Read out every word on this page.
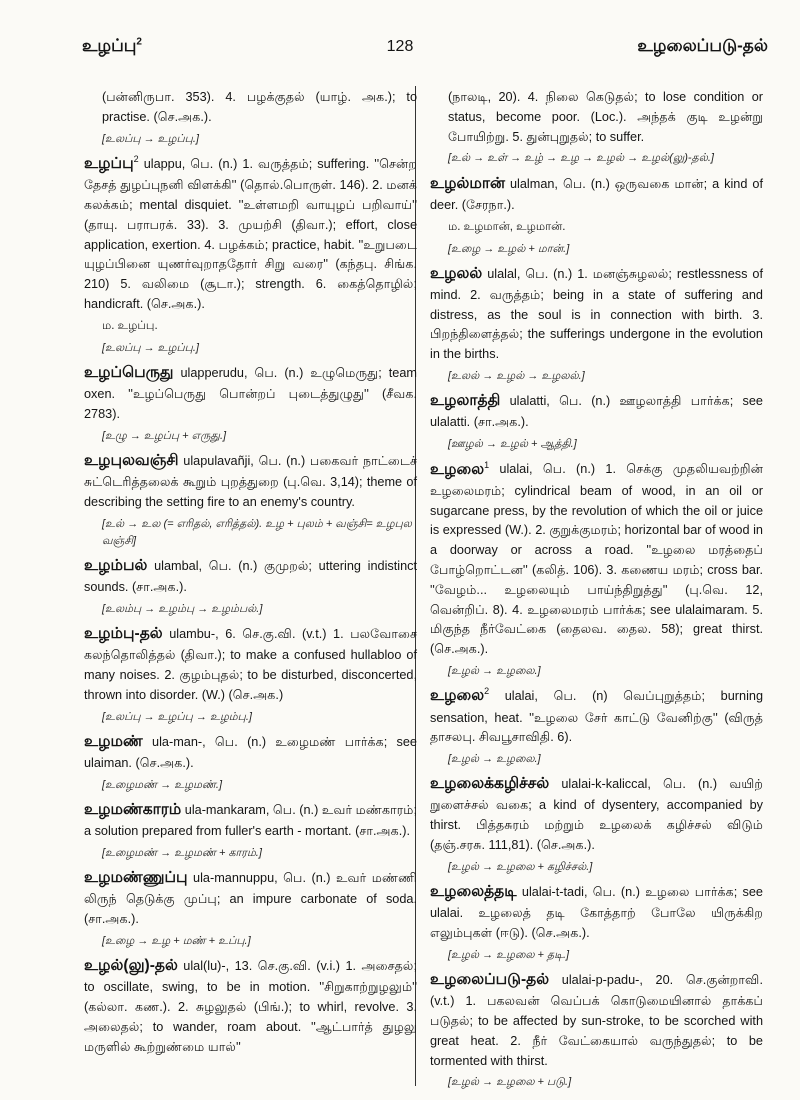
உழப்பு$^2$	128	உழலைப்படு-தல்

(பன்னிருபா. 353). 4. பழக்குதல் (யாழ். அக.); to practise. (செ.அக.).

[உலப்பு → உழப்பு.]

உழப்பு$^2$ ulappu, பெ. (n.) 1. வருத்தம்; suffering. ''சென்ற தேசத் துழப்புநனி விளக்கி'' (தொல்.பொருள். 146). 2. மனக் கலக்கம்; mental disquiet. ''உள்ளமறி வாயுழப் பறிவாய்'' (தாயு. பராபரக். 33). 3. முயற்சி (திவா.); effort, close application, exertion. 4. பழக்கம்; practice, habit. ''உறுபடை யுழப்பினை யுணர்வுறாததோர் சிறு வரை'' (கந்தபு. சிங்க. 210) 5. வலிமை (சூடா.); strength. 6. கைத்தொழில்; handicraft. (செ.அக.).

ம. உழப்பு.

[உலப்பு → உழப்பு.]

உழப்பெருது ulapperudu, பெ. (n.) உழுமெருது; team oxen. ''உழப்பெருது பொன்றப் புடைத்துழுது'' (சீவக. 2783).

[உழு → உழப்பு + எருது.]

உழபுலவஞ்சி ulapulavañji, பெ. (n.) பகைவர் நாட்டைச் சுட்டெரித்தலைக் கூறும் புறத்துறை (பு.வெ. 3,14); theme of describing the setting fire to an enemy's country.

[உல் → உல (= எரிதல், எரித்தல்). உழ + புலம் + வஞ்சி= உழபுல வஞ்சி]

உழம்பல் ulambal, பெ. (n.) குமுறல்; uttering indistinct sounds. (சா.அக.).

[உலம்பு → உழம்பு → உழம்பல்.]

உழம்பு-தல் ulambu-, 6. செ.கு.வி. (v.t.) 1. பலவோசை கலந்தொலித்தல் (திவா.); to make a confused hullabloo of many noises. 2. குழம்புதல்; to be disturbed, disconcerted, thrown into disorder. (W.) (செ.அக.)

[உலப்பு → உழப்பு → உழம்பு.]

உழமண் ula-man-, பெ. (n.) உழைமண் பார்க்க; see ulaiman. (செ.அக.).

[உழைமண் → உழமண்.]

உழமண்காரம் ula-mankaram, பெ. (n.) உவர் மண்காரம்; a solution prepared from fuller's earth - mortant. (சா.அக.).

[உழைமண் → உழமண் + காரம்.]

உழமண்ணுப்பு ula-mannuppu, பெ. (n.) உவர் மண்ணி லிருந் தெடுக்கு முப்பு; an impure carbonate of soda. (சா.அக.).

[உழை → உழ + மண் + உப்பு.]

உழல்(லு)-தல் ulal(lu)-, 13. செ.கு.வி. (v.i.) 1. அசைதல்; to oscillate, swing, to be in motion. ''சிறுகாற்றுழலும்'' (கல்லா. கண.). 2. சுழலுதல் (பிங்.); to whirl, revolve. 3. அலைதல்; to wander, roam about. ''ஆட்பார்த் துழலு மருளில் கூற்றுண்மை யால்''

(நாலடி, 20). 4. நிலை கெடுதல்; to lose condition or status, become poor. (Loc.). அந்தக் குடி உழன்று போயிற்று. 5. துன்புறுதல்; to suffer.

[உல் → உள் → உழ் → உழ → உழல் → உழல்(லு)-தல்.]

உழல்மான் ulalman, பெ. (n.) ஒருவகை மான்; a kind of deer. (சேரநா.).

ம. உழமான், உழமான்.

[உழை → உழல் + மான்.]

உழலல் ulalal, பெ. (n.) 1. மனஞ்சுழலல்; restlessness of mind. 2. வருத்தம்; being in a state of suffering and distress, as the soul is in connection with birth. 3. பிறந்திளைத்தல்; the sufferings undergone in the evolution in the births.

[உலல் → உழல் → உழலல்.]

உழலாத்தி ulalatti, பெ. (n.) ஊழலாத்தி பார்க்க; see ulalatti. (சா.அக.).

[ஊழல் → உழல் + ஆத்தி.]

உழலை$^1$ ulalai, பெ. (n.) 1. செக்கு முதலியவற்றின் உழலைமரம்; cylindrical beam of wood, in an oil or sugarcane press, by the revolution of which the oil or juice is expressed (W.). 2. குறுக்குமரம்; horizontal bar of wood in a doorway or across a road. ''உழலை மரத்தைப் போழ்றொட்டன'' (கலித். 106). 3. கணைய மரம்; cross bar. ''வேழம்... உழலையும் பாய்ந்திறுத்து'' (பு.வெ. 12, வென்றிப். 8). 4. உழலைமரம் பார்க்க; see ulalaimaram. 5. மிகுந்த நீர்வேட்கை (தைலவ. தைல. 58); great thirst. (செ.அக.).

[உழல் → உழலை.]

உழலை$^2$ ulalai, பெ. (n) வெப்புறுத்தம்; burning sensation, heat. ''உழலை சேர் காட்டு வேனிற்கு'' (விருத் தாசலபு. சிவபூசாவிதி. 6).

[உழல் → உழலை.]

உழலைக்கழிச்சல் ulalai-k-kaliccal, பெ. (n.) வயிற் றுளைச்சல் வகை; a kind of dysentery, accompanied by thirst. பித்தசுரம் மற்றும் உழலைக் கழிச்சல் விடும் (தஞ்.சரசு. 111,81). (செ.அக.).

[உழல் → உழலை + கழிச்சல்.]

உழலைத்தடி ulalai-t-tadi, பெ. (n.) உழலை பார்க்க; see ulalai. உழலைத் தடி கோத்தாற் போலே யிருக்கிற எலும்புகள் (ஈடு). (செ.அக.).

[உழல் → உழலை + தடி.]

உழலைப்படு-தல் ulalai-p-padu-, 20. செ.குன்றாவி. (v.t.) 1. பகலவன் வெப்பக் கொடுமையினால் தாக்கப் படுதல்; to be affected by sun-stroke, to be scorched with great heat. 2. நீர் வேட்கையால் வருந்துதல்; to be tormented with thirst.

[உழல் → உழலை + படு.]
